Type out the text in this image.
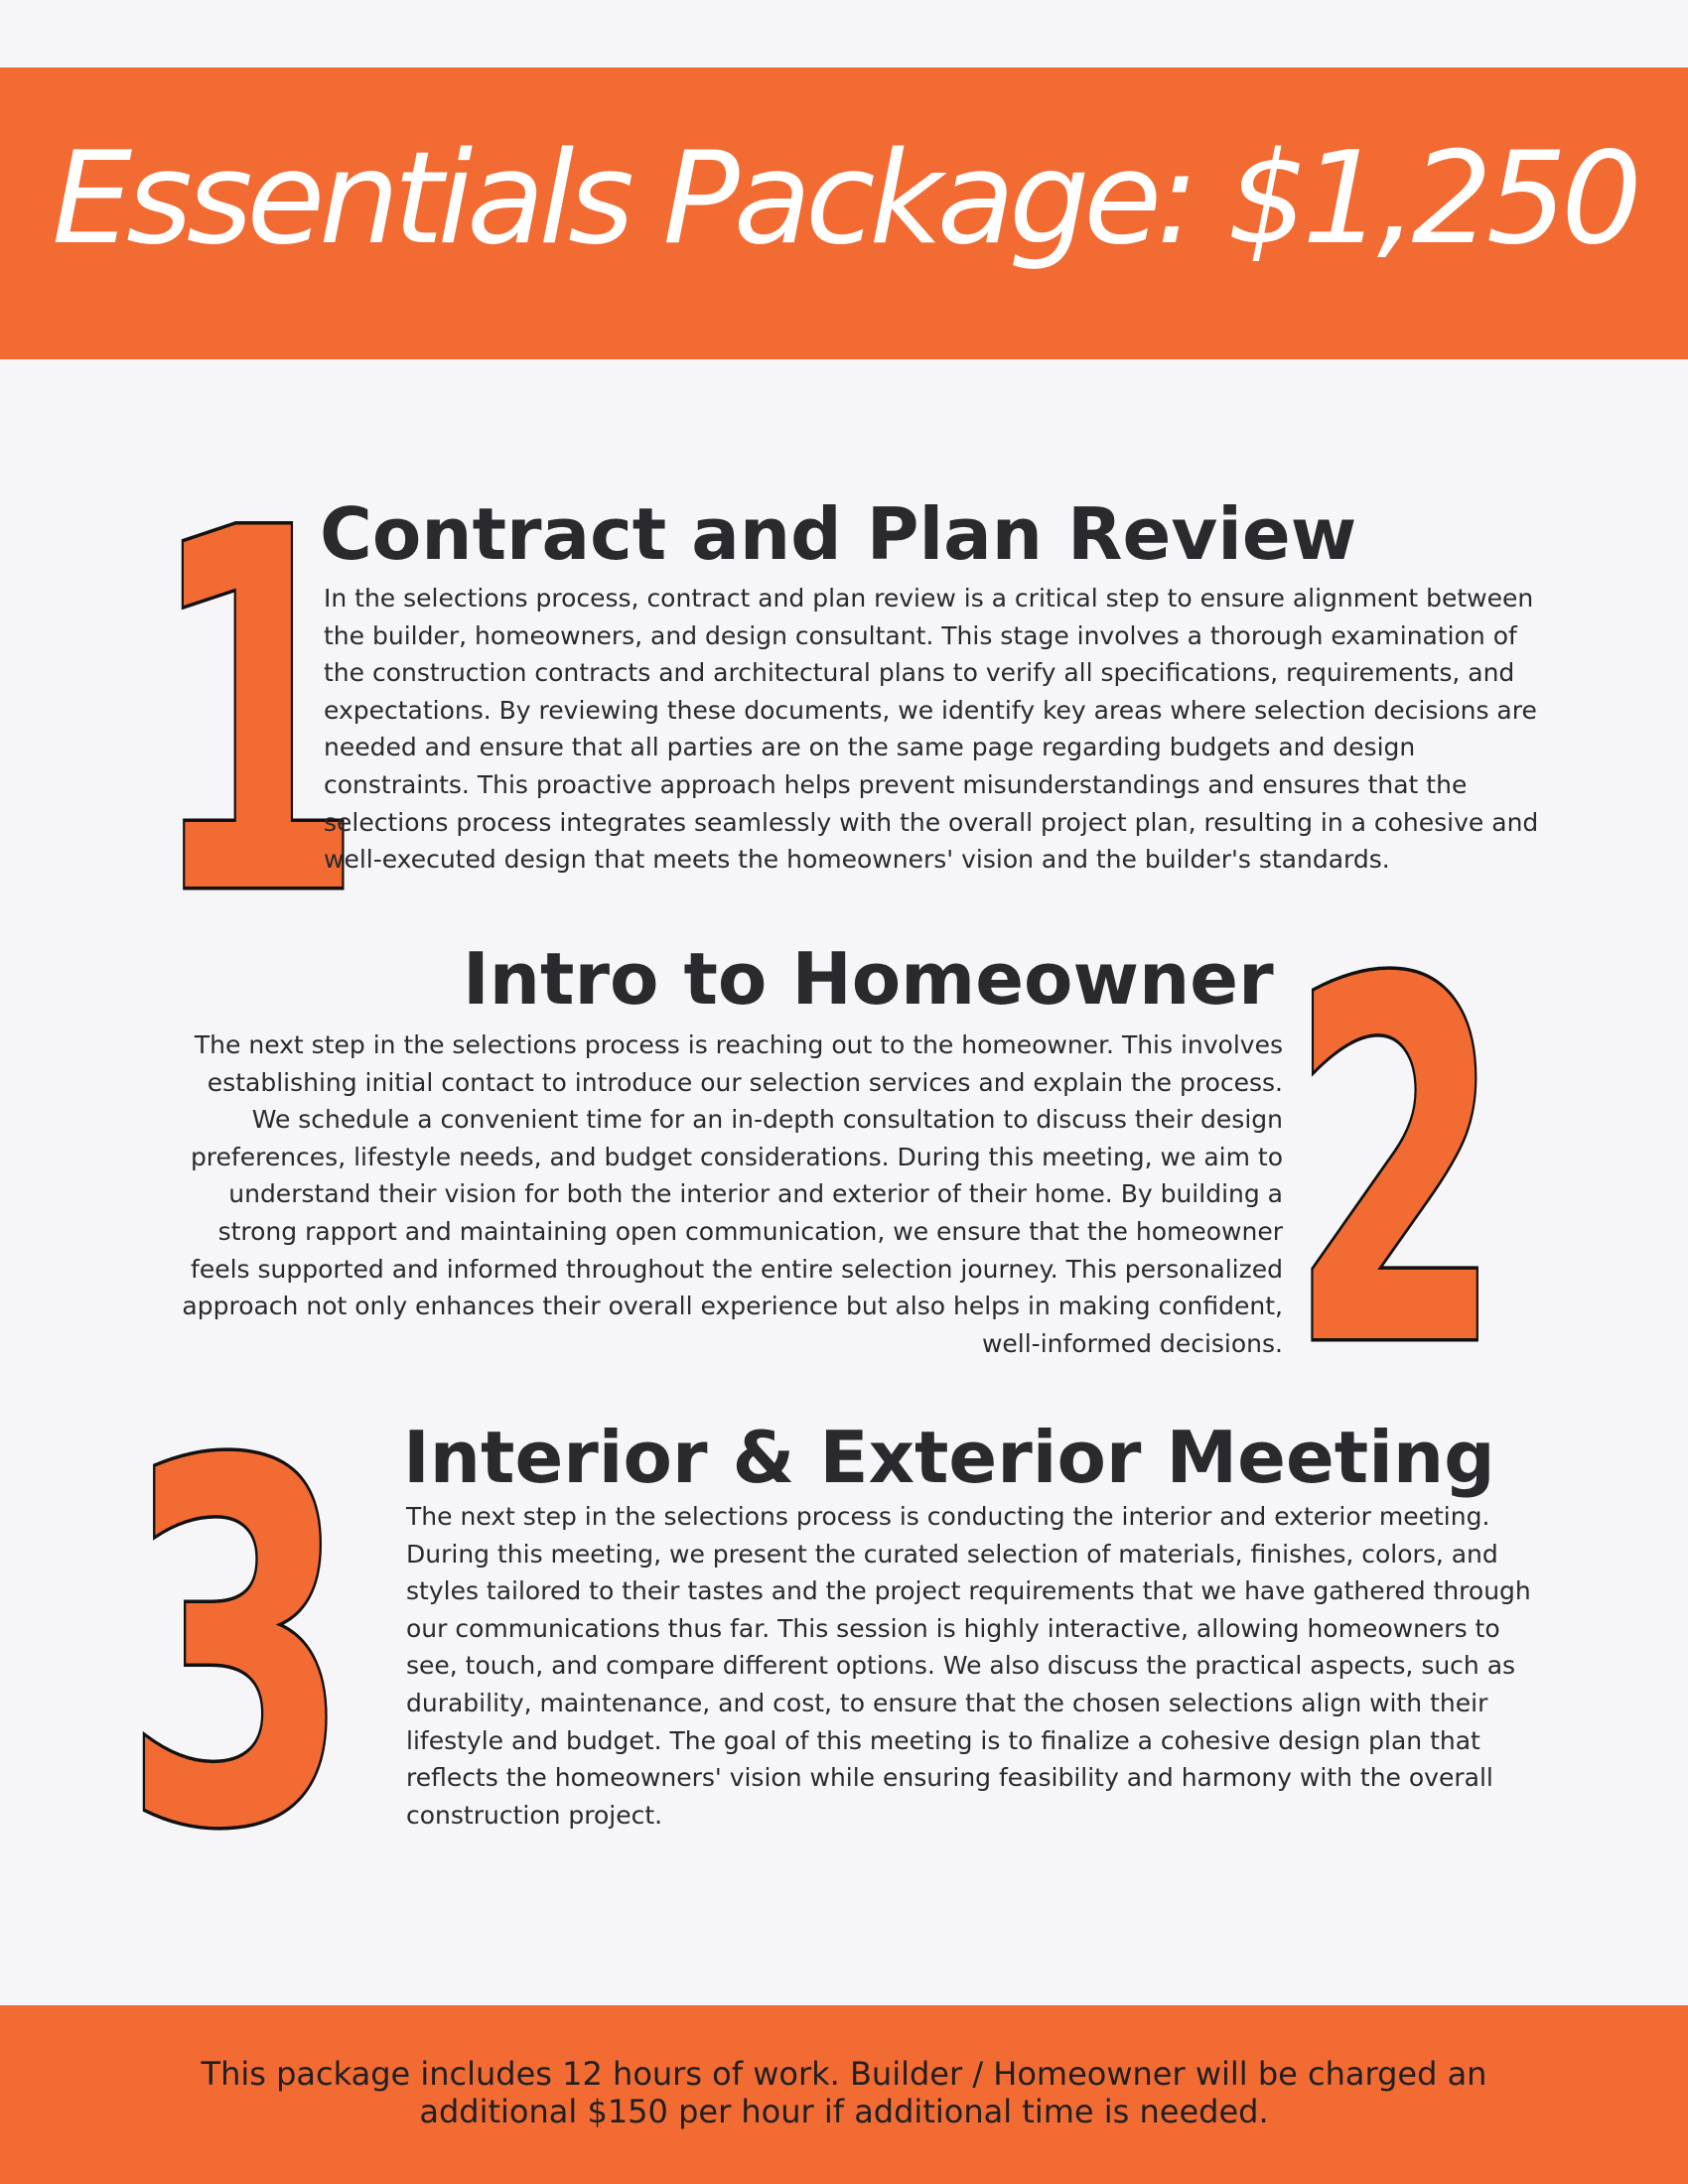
Essentials Package: $1,250
1
Contract and Plan Review
In the selections process, contract and plan review is a critical step to ensure alignment between the builder, homeowners, and design consultant. This stage involves a thorough examination of the construction contracts and architectural plans to verify all specifications, requirements, and expectations. By reviewing these documents, we identify key areas where selection decisions are needed and ensure that all parties are on the same page regarding budgets and design constraints. This proactive approach helps prevent misunderstandings and ensures that the selections process integrates seamlessly with the overall project plan, resulting in a cohesive and well-executed design that meets the homeowners' vision and the builder's standards.
Intro to Homeowner
The next step in the selections process is reaching out to the homeowner. This involves establishing initial contact to introduce our selection services and explain the process. We schedule a convenient time for an in-depth consultation to discuss their design preferences, lifestyle needs, and budget considerations. During this meeting, we aim to understand their vision for both the interior and exterior of their home. By building a strong rapport and maintaining open communication, we ensure that the homeowner feels supported and informed throughout the entire selection journey. This personalized approach not only enhances their overall experience but also helps in making confident, well-informed decisions. 2
3 Interior & Exterior Meeting
The next step in the selections process is conducting the interior and exterior meeting. During this meeting, we present the curated selection of materials, finishes, colors, and styles tailored to their tastes and the project requirements that we have gathered through our communications thus far. This session is highly interactive, allowing homeowners to see, touch, and compare different options. We also discuss the practical aspects, such as durability, maintenance, and cost, to ensure that the chosen selections align with their lifestyle and budget. The goal of this meeting is to finalize a cohesive design plan that reflects the homeowners' vision while ensuring feasibility and harmony with the overall construction project.
This package includes 12 hours of work. Builder / Homeowner will be charged an additional $150 per hour if additional time is needed.
